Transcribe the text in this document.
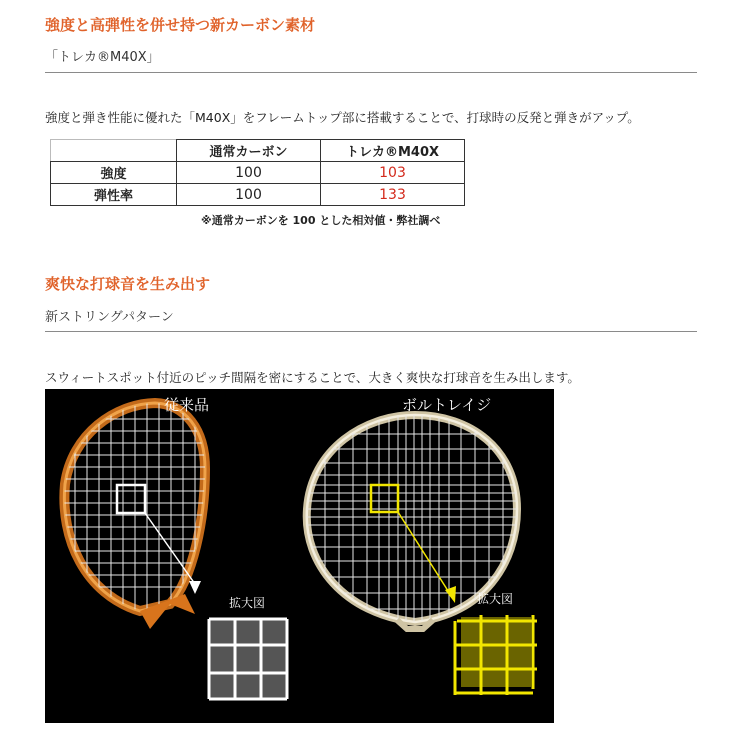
強度と高弾性を併せ持つ新カーボン素材

「トレカ®M40X」

強度と弾き性能に優れた「M40X」をフレームトップ部に搭載することで、打球時の反発と弾きがアップ。

	通常カーボン	トレカ®M40X
強度	100	103
弾性率	100	133
※通常カーボンを 100 とした相対値・弊社調べ
爽快な打球音を生み出す

新ストリングパターン

スウィートスポット付近のピッチ間隔を密にすることで、大きく爽快な打球音を生み出します。

従来品	ボルトレイジ
拡大図	拡大図
